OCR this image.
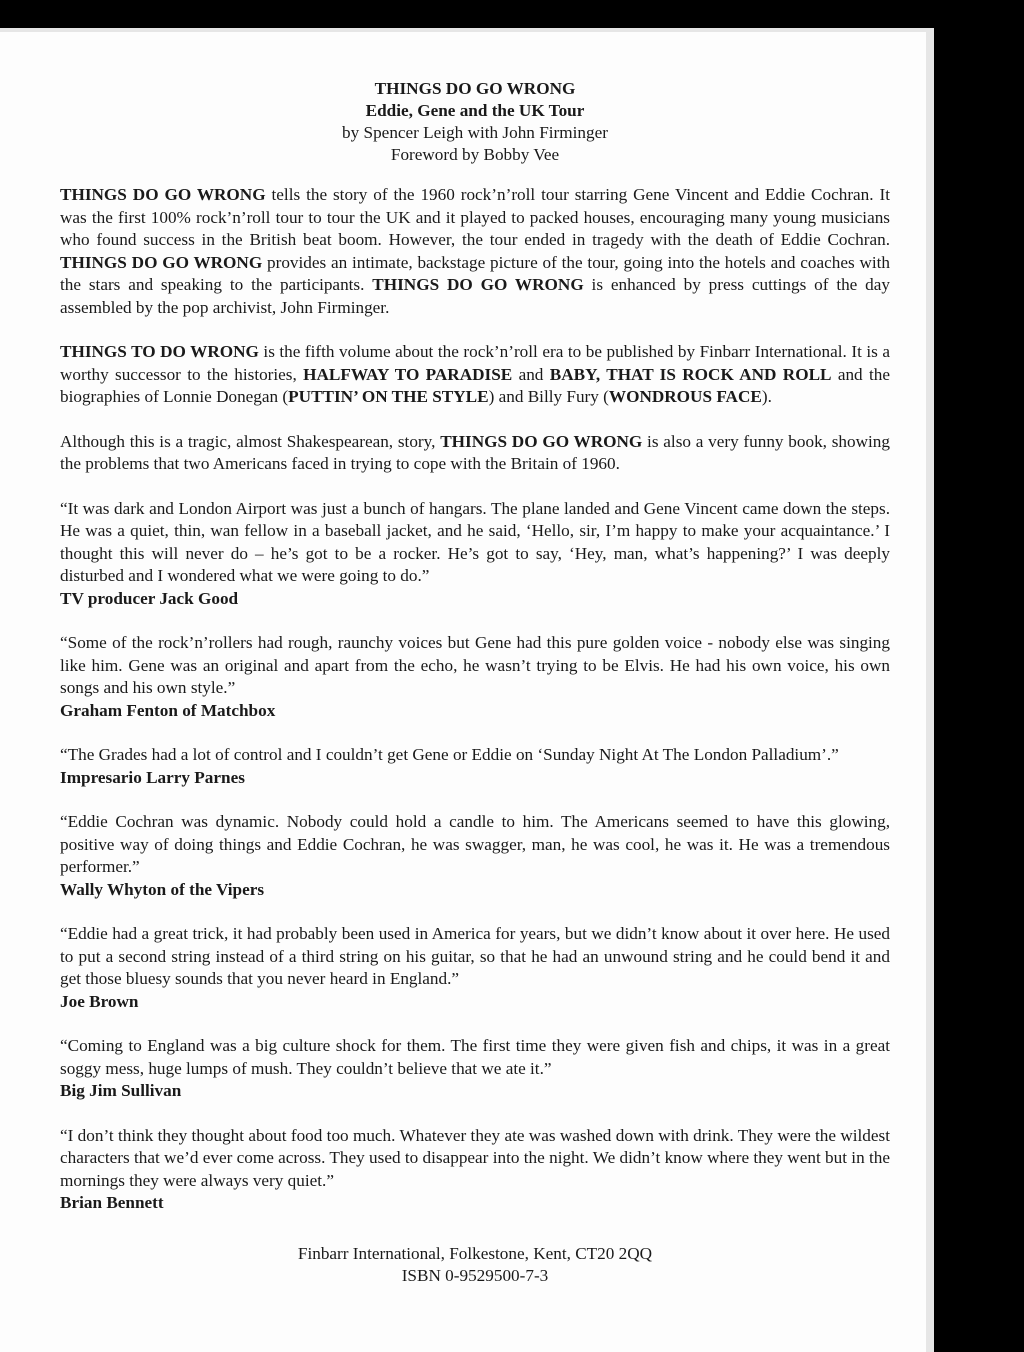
THINGS DO GO WRONG
Eddie, Gene and the UK Tour
by Spencer Leigh with John Firminger
Foreword by Bobby Vee

THINGS DO GO WRONG tells the story of the 1960 rock’n’roll tour starring Gene Vincent and Eddie Cochran. It was the first 100% rock’n’roll tour to tour the UK and it played to packed houses, encouraging many young musicians who found success in the British beat boom. However, the tour ended in tragedy with the death of Eddie Cochran. THINGS DO GO WRONG provides an intimate, backstage picture of the tour, going into the hotels and coaches with the stars and speaking to the participants. THINGS DO GO WRONG is enhanced by press cuttings of the day assembled by the pop archivist, John Firminger.

THINGS TO DO WRONG is the fifth volume about the rock’n’roll era to be published by Finbarr International. It is a worthy successor to the histories, HALFWAY TO PARADISE and BABY, THAT IS ROCK AND ROLL and the biographies of Lonnie Donegan (PUTTIN’ ON THE STYLE) and Billy Fury (WONDROUS FACE).

Although this is a tragic, almost Shakespearean, story, THINGS DO GO WRONG is also a very funny book, showing the problems that two Americans faced in trying to cope with the Britain of 1960.

“It was dark and London Airport was just a bunch of hangars. The plane landed and Gene Vincent came down the steps. He was a quiet, thin, wan fellow in a baseball jacket, and he said, ‘Hello, sir, I’m happy to make your acquaintance.’ I thought this will never do – he’s got to be a rocker. He’s got to say, ‘Hey, man, what’s happening?’ I was deeply disturbed and I wondered what we were going to do.”
TV producer Jack Good
“Some of the rock’n’rollers had rough, raunchy voices but Gene had this pure golden voice - nobody else was singing like him. Gene was an original and apart from the echo, he wasn’t trying to be Elvis. He had his own voice, his own songs and his own style.”
Graham Fenton of Matchbox
“The Grades had a lot of control and I couldn’t get Gene or Eddie on ‘Sunday Night At The London Palladium’.”
Impresario Larry Parnes
“Eddie Cochran was dynamic. Nobody could hold a candle to him. The Americans seemed to have this glowing, positive way of doing things and Eddie Cochran, he was swagger, man, he was cool, he was it. He was a tremendous performer.”
Wally Whyton of the Vipers
“Eddie had a great trick, it had probably been used in America for years, but we didn’t know about it over here. He used to put a second string instead of a third string on his guitar, so that he had an unwound string and he could bend it and get those bluesy sounds that you never heard in England.”
Joe Brown
“Coming to England was a big culture shock for them. The first time they were given fish and chips, it was in a great soggy mess, huge lumps of mush. They couldn’t believe that we ate it.”
Big Jim Sullivan
“I don’t think they thought about food too much. Whatever they ate was washed down with drink. They were the wildest characters that we’d ever come across. They used to disappear into the night. We didn’t know where they went but in the mornings they were always very quiet.”
Brian Bennett
Finbarr International, Folkestone, Kent, CT20 2QQ
ISBN 0-9529500-7-3
